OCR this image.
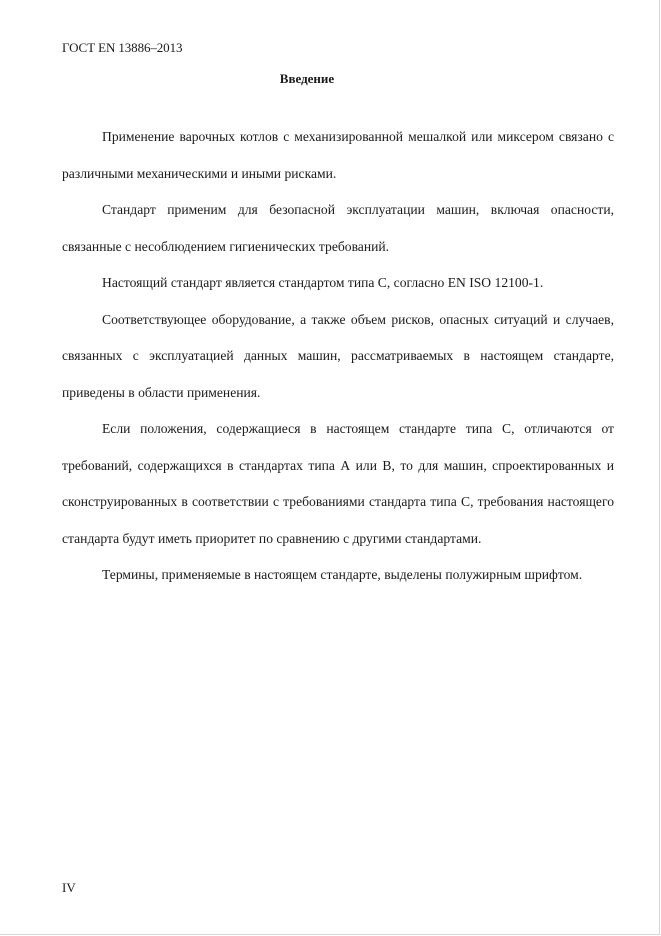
ГОСТ EN 13886–2013
Введение

Применение варочных котлов с механизированной мешалкой или миксером связано с различными механическими и иными рисками.

Стандарт применим для безопасной эксплуатации машин, включая опасности, связанные с несоблюдением гигиенических требований.

Настоящий стандарт является стандартом типа С, согласно EN ISO 12100-1.

Соответствующее оборудование, а также объем рисков, опасных ситуаций и случаев, связанных с эксплуатацией данных машин, рассматриваемых в настоящем стандарте, приведены в области применения.

Если положения, содержащиеся в настоящем стандарте типа С, отличаются от требований, содержащихся в стандартах типа А или В, то для машин, спроектированных и сконструированных в соответствии с требованиями стандарта типа С, требования настоящего стандарта будут иметь приоритет по сравнению с другими стандартами.

Термины, применяемые в настоящем стандарте, выделены полужирным шрифтом.

IV
